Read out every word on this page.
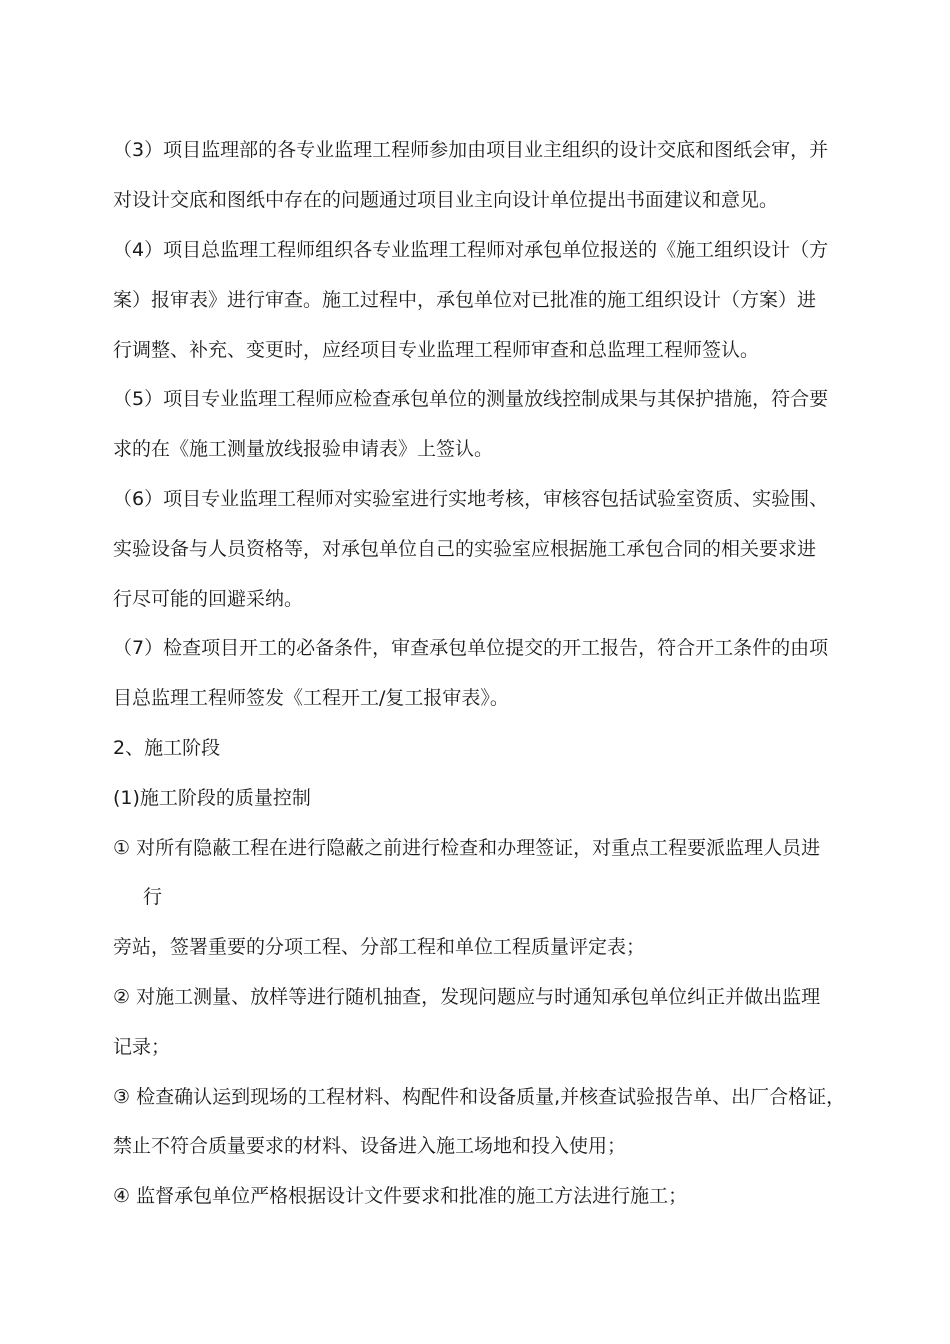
（3）项目监理部的各专业监理工程师参加由项目业主组织的设计交底和图纸会审，并
对设计交底和图纸中存在的问题通过项目业主向设计单位提出书面建议和意见。
（4）项目总监理工程师组织各专业监理工程师对承包单位报送的《施工组织设计（方
案）报审表》进行审查。施工过程中，承包单位对已批准的施工组织设计（方案）进
行调整、补充、变更时，应经项目专业监理工程师审查和总监理工程师签认。
（5）项目专业监理工程师应检查承包单位的测量放线控制成果与其保护措施，符合要
求的在《施工测量放线报验申请表》上签认。
（6）项目专业监理工程师对实验室进行实地考核，审核容包括试验室资质、实验围、
实验设备与人员资格等，对承包单位自己的实验室应根据施工承包合同的相关要求进
行尽可能的回避采纳。
（7）检查项目开工的必备条件，审查承包单位提交的开工报告，符合开工条件的由项
目总监理工程师签发《工程开工/复工报审表》。
2、施工阶段
(1)施工阶段的质量控制
① 对所有隐蔽工程在进行隐蔽之前进行检查和办理签证，对重点工程要派监理人员进
行
旁站，签署重要的分项工程、分部工程和单位工程质量评定表；
② 对施工测量、放样等进行随机抽查，发现问题应与时通知承包单位纠正并做出监理
记录；
③ 检查确认运到现场的工程材料、构配件和设备质量,并核查试验报告单、出厂合格证，
禁止不符合质量要求的材料、设备进入施工场地和投入使用；
④ 监督承包单位严格根据设计文件要求和批准的施工方法进行施工；
